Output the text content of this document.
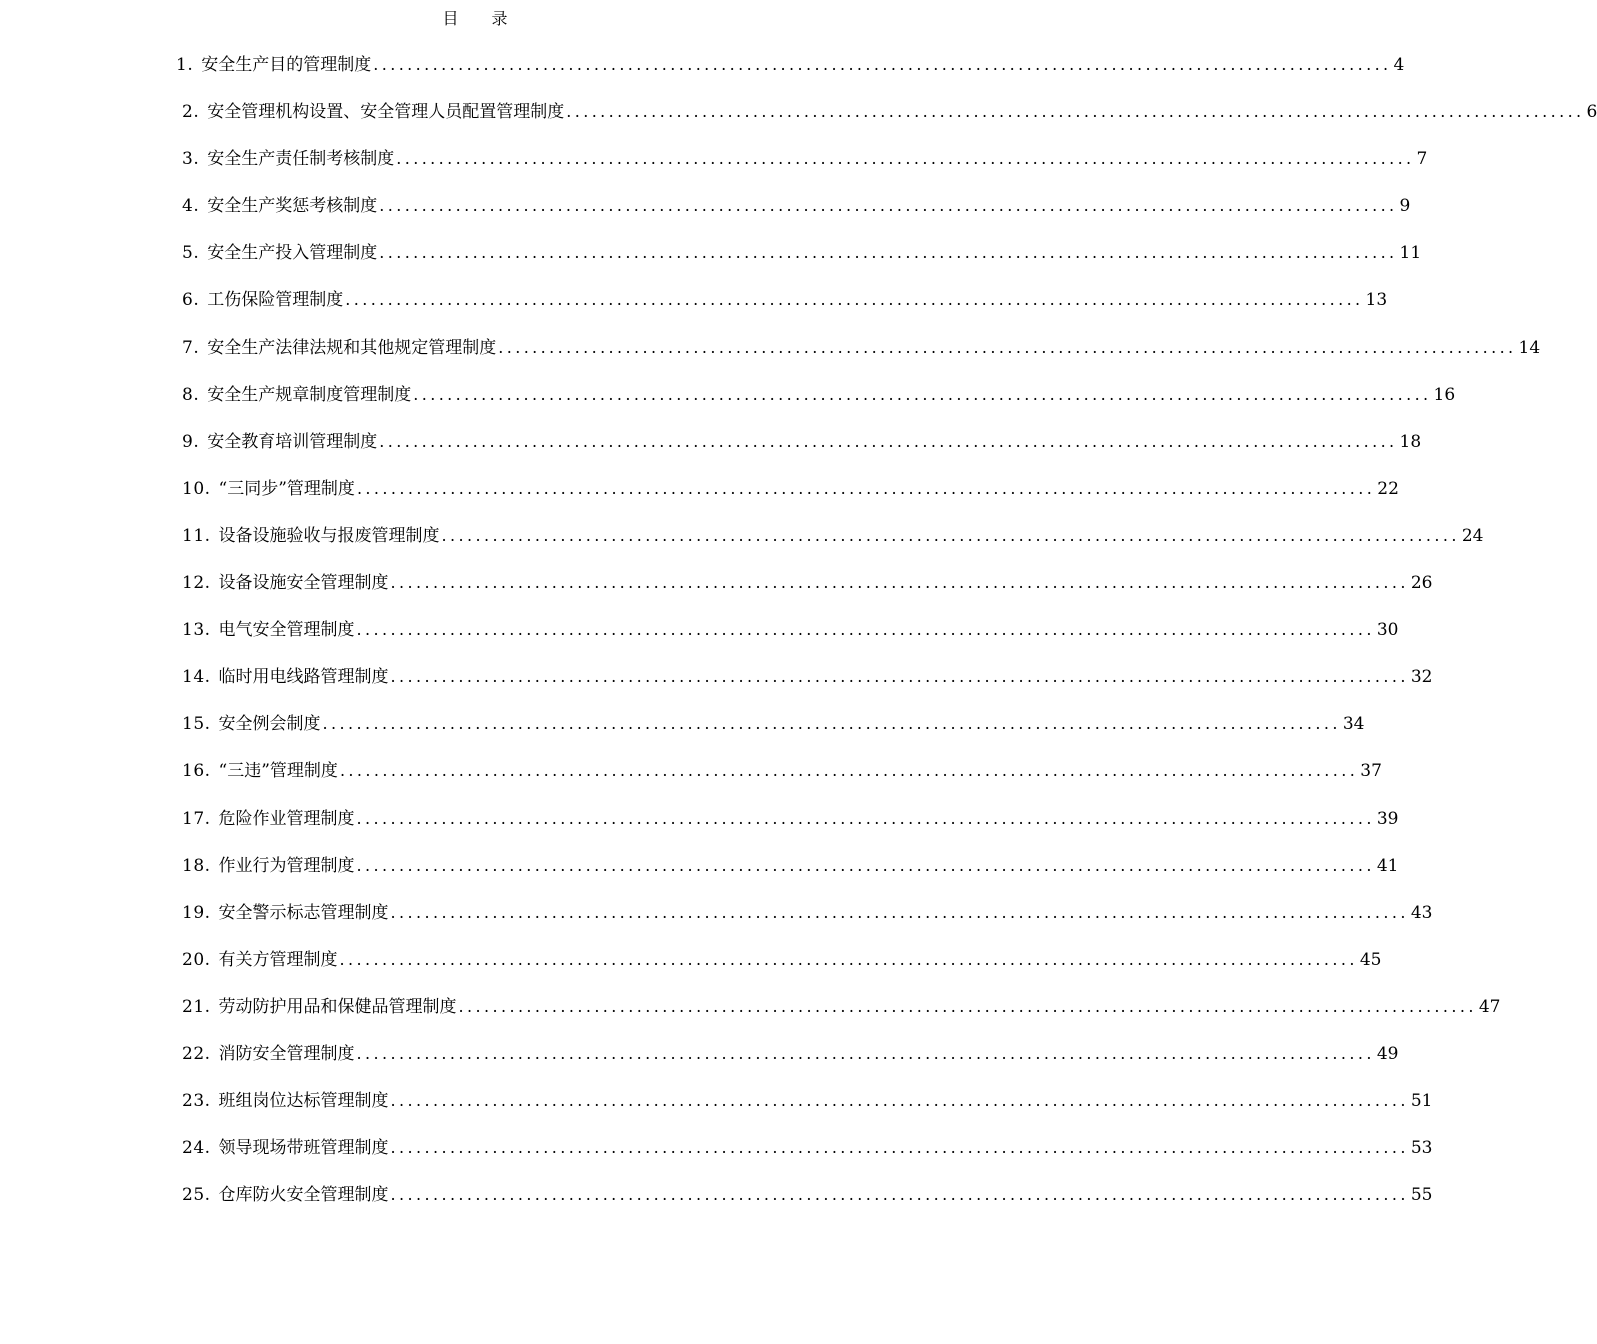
目 录
1. 安全生产目的管理制度 ........................................................................................................................ 4
2. 安全管理机构设置、安全管理人员配置管理制度 ........................................................................................................................ 6
3. 安全生产责任制考核制度 ........................................................................................................................ 7
4. 安全生产奖惩考核制度 ........................................................................................................................ 9
5. 安全生产投入管理制度 ........................................................................................................................ 11
6. 工伤保险管理制度 ........................................................................................................................ 13
7. 安全生产法律法规和其他规定管理制度 ........................................................................................................................ 14
8. 安全生产规章制度管理制度 ........................................................................................................................ 16
9. 安全教育培训管理制度 ........................................................................................................................ 18
10. “三同步”管理制度 ........................................................................................................................ 22
11. 设备设施验收与报废管理制度 ........................................................................................................................ 24
12. 设备设施安全管理制度 ........................................................................................................................ 26
13. 电气安全管理制度 ........................................................................................................................ 30
14. 临时用电线路管理制度 ........................................................................................................................ 32
15. 安全例会制度 ........................................................................................................................ 34
16. “三违”管理制度 ........................................................................................................................ 37
17. 危险作业管理制度 ........................................................................................................................ 39
18. 作业行为管理制度 ........................................................................................................................ 41
19. 安全警示标志管理制度 ........................................................................................................................ 43
20. 有关方管理制度 ........................................................................................................................ 45
21. 劳动防护用品和保健品管理制度 ........................................................................................................................ 47
22. 消防安全管理制度 ........................................................................................................................ 49
23. 班组岗位达标管理制度 ........................................................................................................................ 51
24. 领导现场带班管理制度 ........................................................................................................................ 53
25. 仓库防火安全管理制度 ........................................................................................................................ 55
